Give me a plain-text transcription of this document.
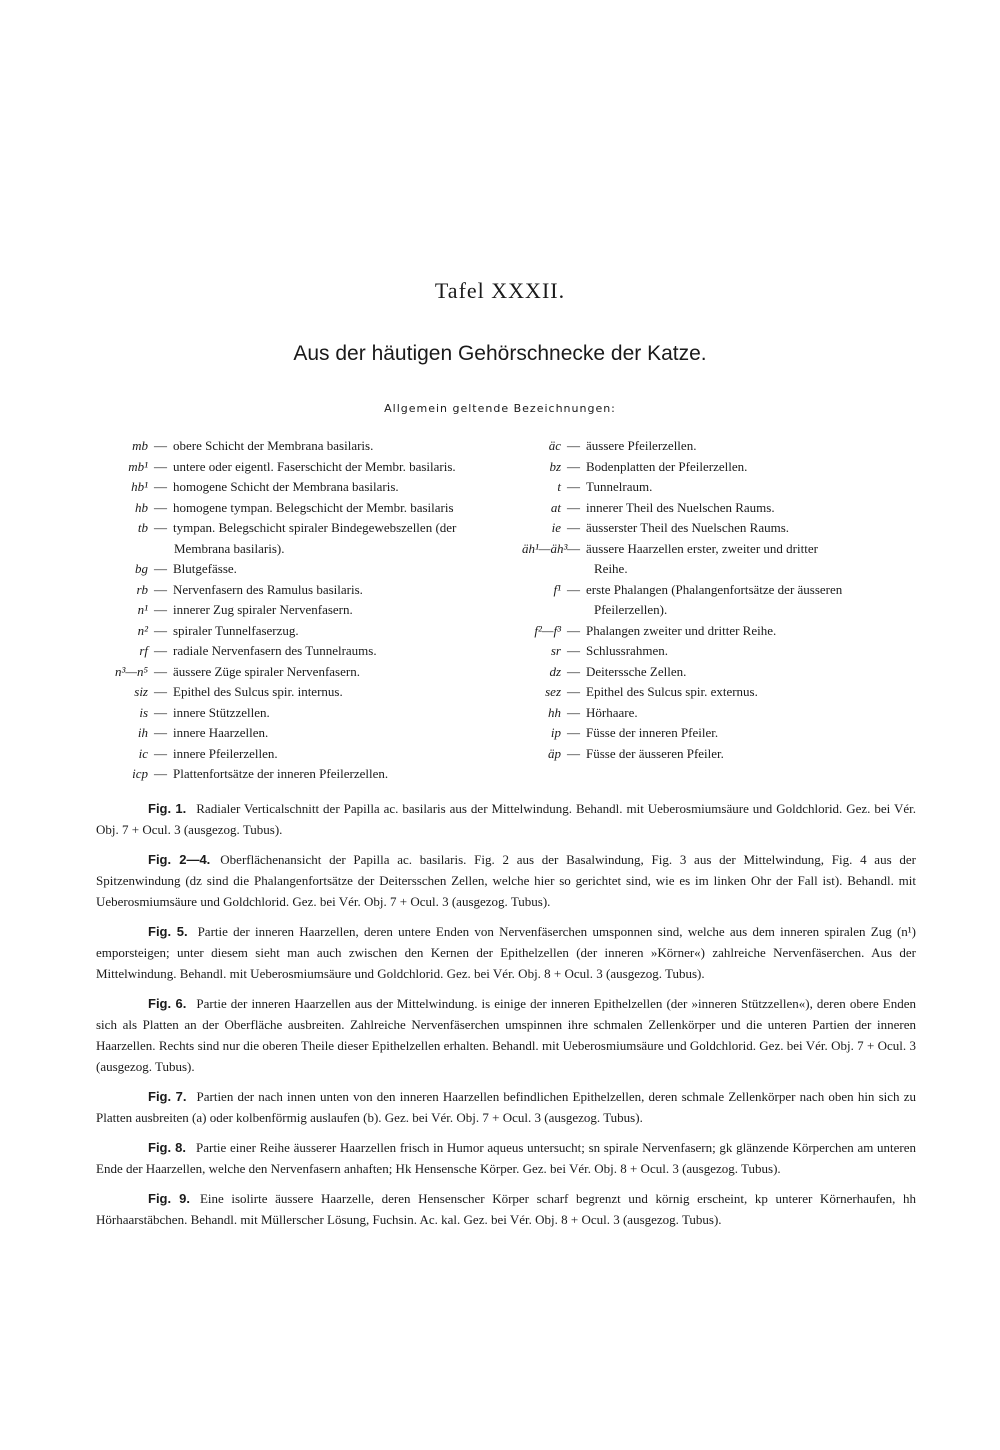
Tafel XXXII.
Aus der häutigen Gehörschnecke der Katze.
Allgemein geltende Bezeichnungen:
mb — obere Schicht der Membrana basilaris.
mb¹ — untere oder eigentl. Faserschicht der Membr. basilaris.
hb¹ — homogene Schicht der Membrana basilaris.
hb — homogene tympan. Belegschicht der Membr. basilaris
tb — tympan. Belegschicht spiraler Bindegewebszellen (der
Membrana basilaris).
bg — Blutgefässe.
rb — Nervenfasern des Ramulus basilaris.
n¹ — innerer Zug spiraler Nervenfasern.
n² — spiraler Tunnelfaserzug.
rf — radiale Nervenfasern des Tunnelraums.
n³—n⁵ — äussere Züge spiraler Nervenfasern.
siz — Epithel des Sulcus spir. internus.
is — innere Stützzellen.
ih — innere Haarzellen.
ic — innere Pfeilerzellen.
icp — Plattenfortsätze der inneren Pfeilerzellen.
äc — äussere Pfeilerzellen.
bz — Bodenplatten der Pfeilerzellen.
t — Tunnelraum.
at — innerer Theil des Nuelschen Raums.
ie — äusserster Theil des Nuelschen Raums.
äh¹—äh³ — äussere Haarzellen erster, zweiter und dritter
Reihe.
f¹ — erste Phalangen (Phalangenfortsätze der äusseren
Pfeilerzellen).
f²—f³ — Phalangen zweiter und dritter Reihe.
sr — Schlussrahmen.
dz — Deiterssche Zellen.
sez — Epithel des Sulcus spir. externus.
hh — Hörhaare.
ip — Füsse der inneren Pfeiler.
äp — Füsse der äusseren Pfeiler.

Fig. 1. Radialer Verticalschnitt der Papilla ac. basilaris aus der Mittelwindung. Behandl. mit Ueberosmiumsäure und Goldchlorid. Gez. bei Vér. Obj. 7 + Ocul. 3 (ausgezog. Tubus).

Fig. 2—4. Oberflächenansicht der Papilla ac. basilaris. Fig. 2 aus der Basalwindung, Fig. 3 aus der Mittelwindung, Fig. 4 aus der Spitzenwindung (dz sind die Phalangenfortsätze der Deitersschen Zellen, welche hier so gerichtet sind, wie es im linken Ohr der Fall ist). Behandl. mit Ueberosmiumsäure und Goldchlorid. Gez. bei Vér. Obj. 7 + Ocul. 3 (ausgezog. Tubus).

Fig. 5. Partie der inneren Haarzellen, deren untere Enden von Nervenfäserchen umsponnen sind, welche aus dem inneren spiralen Zug (n¹) emporsteigen; unter diesem sieht man auch zwischen den Kernen der Epithelzellen (der inneren »Körner«) zahlreiche Nervenfäserchen. Aus der Mittelwindung. Behandl. mit Ueberosmiumsäure und Goldchlorid. Gez. bei Vér. Obj. 8 + Ocul. 3 (ausgezog. Tubus).

Fig. 6. Partie der inneren Haarzellen aus der Mittelwindung. is einige der inneren Epithelzellen (der »inneren Stützzellen«), deren obere Enden sich als Platten an der Oberfläche ausbreiten. Zahlreiche Nervenfäserchen umspinnen ihre schmalen Zellenkörper und die unteren Partien der inneren Haarzellen. Rechts sind nur die oberen Theile dieser Epithelzellen erhalten. Behandl. mit Ueberosmiumsäure und Goldchlorid. Gez. bei Vér. Obj. 7 + Ocul. 3 (ausgezog. Tubus).

Fig. 7. Partien der nach innen unten von den inneren Haarzellen befindlichen Epithelzellen, deren schmale Zellenkörper nach oben hin sich zu Platten ausbreiten (a) oder kolbenförmig auslaufen (b). Gez. bei Vér. Obj. 7 + Ocul. 3 (ausgezog. Tubus).

Fig. 8. Partie einer Reihe äusserer Haarzellen frisch in Humor aqueus untersucht; sn spirale Nervenfasern; gk glänzende Körperchen am unteren Ende der Haarzellen, welche den Nervenfasern anhaften; Hk Hensensche Körper. Gez. bei Vér. Obj. 8 + Ocul. 3 (ausgezog. Tubus).

Fig. 9. Eine isolirte äussere Haarzelle, deren Hensenscher Körper scharf begrenzt und körnig erscheint, kp unterer Körnerhaufen, hh Hörhaarstäbchen. Behandl. mit Müllerscher Lösung, Fuchsin. Ac. kal. Gez. bei Vér. Obj. 8 + Ocul. 3 (ausgezog. Tubus).
